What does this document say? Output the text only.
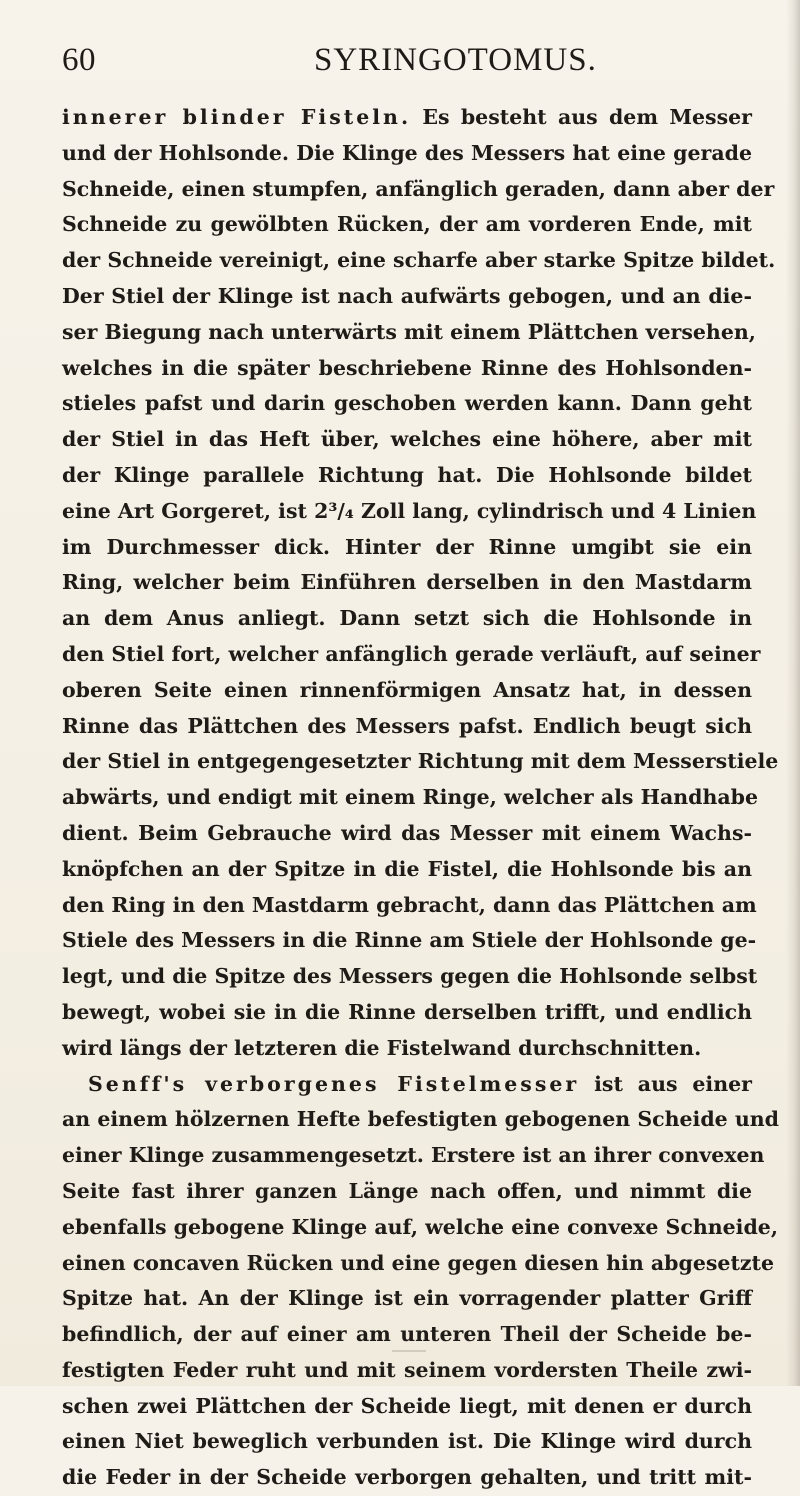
60	SYRINGOTOMUS.
innerer blinder Fisteln. Es besteht aus dem Messer
und der Hohlsonde. Die Klinge des Messers hat eine gerade
Schneide, einen stumpfen, anfänglich geraden, dann aber der
Schneide zu gewölbten Rücken, der am vorderen Ende, mit
der Schneide vereinigt, eine scharfe aber starke Spitze bildet.
Der Stiel der Klinge ist nach aufwärts gebogen, und an die-
ser Biegung nach unterwärts mit einem Plättchen versehen,
welches in die später beschriebene Rinne des Hohlsonden-
stieles pafst und darin geschoben werden kann. Dann geht
der Stiel in das Heft über, welches eine höhere, aber mit
der Klinge parallele Richtung hat. Die Hohlsonde bildet
eine Art Gorgeret, ist 2³/₄ Zoll lang, cylindrisch und 4 Linien
im Durchmesser dick. Hinter der Rinne umgibt sie ein
Ring, welcher beim Einführen derselben in den Mastdarm
an dem Anus anliegt. Dann setzt sich die Hohlsonde in
den Stiel fort, welcher anfänglich gerade verläuft, auf seiner
oberen Seite einen rinnenförmigen Ansatz hat, in dessen
Rinne das Plättchen des Messers pafst. Endlich beugt sich
der Stiel in entgegengesetzter Richtung mit dem Messerstiele
abwärts, und endigt mit einem Ringe, welcher als Handhabe
dient. Beim Gebrauche wird das Messer mit einem Wachs-
knöpfchen an der Spitze in die Fistel, die Hohlsonde bis an
den Ring in den Mastdarm gebracht, dann das Plättchen am
Stiele des Messers in die Rinne am Stiele der Hohlsonde ge-
legt, und die Spitze des Messers gegen die Hohlsonde selbst
bewegt, wobei sie in die Rinne derselben trifft, und endlich
wird längs der letzteren die Fistelwand durchschnitten.
Senff's verborgenes Fistelmesser ist aus einer
an einem hölzernen Hefte befestigten gebogenen Scheide und
einer Klinge zusammengesetzt. Erstere ist an ihrer convexen
Seite fast ihrer ganzen Länge nach offen, und nimmt die
ebenfalls gebogene Klinge auf, welche eine convexe Schneide,
einen concaven Rücken und eine gegen diesen hin abgesetzte
Spitze hat. An der Klinge ist ein vorragender platter Griff
befindlich, der auf einer am unteren Theil der Scheide be-
festigten Feder ruht und mit seinem vordersten Theile zwi-
schen zwei Plättchen der Scheide liegt, mit denen er durch
einen Niet beweglich verbunden ist. Die Klinge wird durch
die Feder in der Scheide verborgen gehalten, und tritt mit-
